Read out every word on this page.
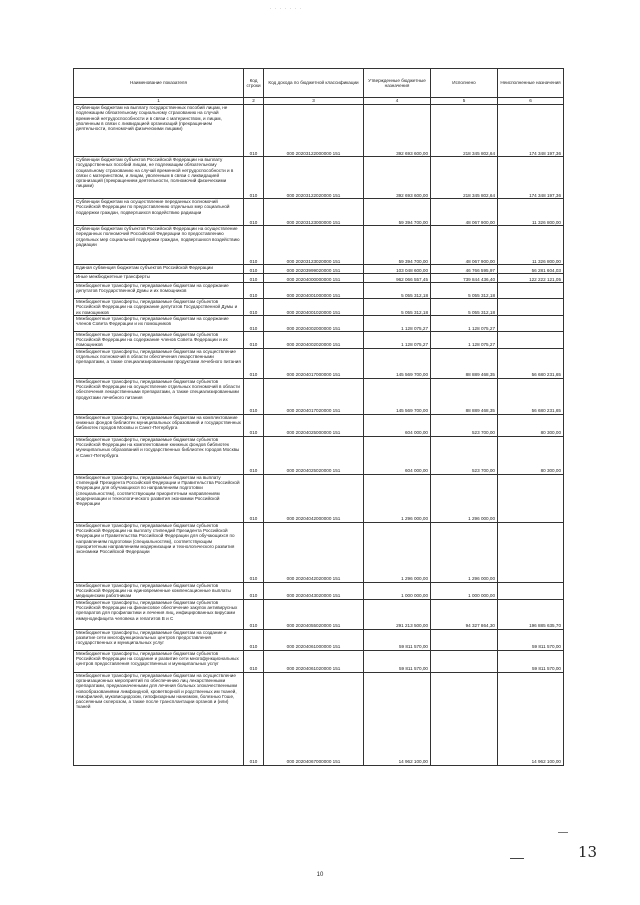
· · · · · · ·
Наименование показателя	Код строки	Код дохода по бюджетной классификации	Утвержденные бюджетные назначения	Исполнено	Неисполненные назначения
1	2	3	4	5	6
Субвенции бюджетам на выплату государственных пособий лицам, не подлежащим обязательному социальному страхованию на случай временной нетрудоспособности и в связи с материнством, и лицам, уволенным в связи с ликвидацией организаций (прекращением деятельности, полномочий физическими лицами)	010	000 20203122000000 151	392 693 600,00	218 345 802,64	174 348 197,36
Субвенции бюджетам субъектов Российской Федерации на выплату государственных пособий лицам, не подлежащим обязательному социальному страхованию на случай временной нетрудоспособности и в связи с материнством, и лицам, уволенным в связи с ликвидацией организаций (прекращением деятельности, полномочий физическими лицами)	010	000 20203122020000 151	392 693 600,00	218 345 802,64	174 348 197,36
Субвенции бюджетам на осуществление переданных полномочий Российской Федерации по предоставлению отдельных мер социальной поддержки граждан, подвергшихся воздействию радиации	010	000 20203123000000 151	59 394 700,00	48 067 900,00	11 326 800,00
Субвенции бюджетам субъектов Российской Федерации на осуществление переданных полномочий Российской Федерации по предоставлению отдельных мер социальной поддержки граждан, подвергшихся воздействию радиации	010	000 20203123020000 151	59 394 700,00	48 067 900,00	11 326 800,00
Единая субвенция бюджетам субъектов Российской Федерации	010	000 20203999020000 151	103 048 600,00	46 766 595,97	56 281 604,03
Иные межбюджетные трансферты	010	000 20204000000000 151	962 066 557,45	739 844 436,40	122 222 121,05
Межбюджетные трансферты, передаваемые бюджетам на содержание депутатов Государственной Думы и их помощников	010	000 20204001000000 151	5 055 312,18	5 055 312,18	
Межбюджетные трансферты, передаваемые бюджетам субъектов Российской Федерации на содержание депутатов Государственной Думы и их помощников	010	000 20204001020000 151	5 055 312,18	5 055 312,18	
Межбюджетные трансферты, передаваемые бюджетам на содержание членов Совета Федерации и их помощников	010	000 20204002000000 151	1 128 075,27	1 128 075,27	
Межбюджетные трансферты, передаваемые бюджетам субъектов Российской Федерации на содержание членов Совета Федерации и их помощников	010	000 20204002020000 151	1 128 075,27	1 128 075,27	
Межбюджетные трансферты, передаваемые бюджетам на осуществление отдельных полномочий в области обеспечения лекарственными препаратами, а также специализированными продуктами лечебного питания	010	000 20204017000000 151	145 569 700,00	88 889 468,35	56 680 231,65
Межбюджетные трансферты, передаваемые бюджетам субъектов Российской Федерации на осуществление отдельных полномочий в области обеспечения лекарственными препаратами, а также специализированными продуктами лечебного питания	010	000 20204017020000 151	145 569 700,00	88 889 468,35	56 680 231,65
Межбюджетные трансферты, передаваемые бюджетам на комплектование книжных фондов библиотек муниципальных образований и государственных библиотек городов Москвы и Санкт-Петербурга	010	000 20204025000000 151	604 000,00	523 700,00	80 300,00
Межбюджетные трансферты, передаваемые бюджетам субъектов Российской Федерации на комплектование книжных фондов библиотек муниципальных образований и государственных библиотек городов Москвы и Санкт-Петербурга	010	000 20204025020000 151	604 000,00	523 700,00	80 300,00
Межбюджетные трансферты, передаваемые бюджетам на выплату стипендий Президента Российской Федерации и Правительства Российской Федерации для обучающихся по направлениям подготовки (специальностям), соответствующим приоритетным направлениям модернизации и технологического развития экономики Российской Федерации	010	000 20204042000000 151	1 296 000,00	1 296 000,00	
Межбюджетные трансферты, передаваемые бюджетам субъектов Российской Федерации на выплату стипендий Президента Российской Федерации и Правительства Российской Федерации для обучающихся по направлениям подготовки (специальностям), соответствующим приоритетным направлениям модернизации и технологического развития экономики Российской Федерации	010	000 20204042020000 151	1 296 000,00	1 296 000,00	
Межбюджетные трансферты, передаваемые бюджетам субъектов Российской Федерации на единовременные компенсационные выплаты медицинским работникам	010	000 20204043020000 151	1 000 000,00	1 000 000,00	
Межбюджетные трансферты, передаваемые бюджетам субъектов Российской Федерации на финансовое обеспечение закупок антивирусных препаратов для профилактики и лечения лиц, инфицированных вирусами иммунодефицита человека и гепатитов B и C	010	000 20204055020000 151	291 213 500,00	94 327 864,30	196 885 635,70
Межбюджетные трансферты, передаваемые бюджетам на создание и развитие сети многофункциональных центров предоставления государственных и муниципальных услуг	010	000 20204061000000 151	59 811 570,00		59 811 570,00
Межбюджетные трансферты, передаваемые бюджетам субъектов Российской Федерации на создание и развитие сети многофункциональных центров предоставления государственных и муниципальных услуг	010	000 20204061020000 151	59 811 570,00		59 811 570,00
Межбюджетные трансферты, передаваемые бюджетам на осуществление организационных мероприятий по обеспечению лиц лекарственными препаратами, предназначенными для лечения больных злокачественными новообразованиями лимфоидной, кроветворной и родственных им тканей, гемофилией, муковисцидозом, гипофизарным нанизмом, болезнью Гоше, рассеянным склерозом, а также после трансплантации органов и (или) тканей	010	000 20204067000000 151	14 962 100,00		14 962 100,00
13
10
